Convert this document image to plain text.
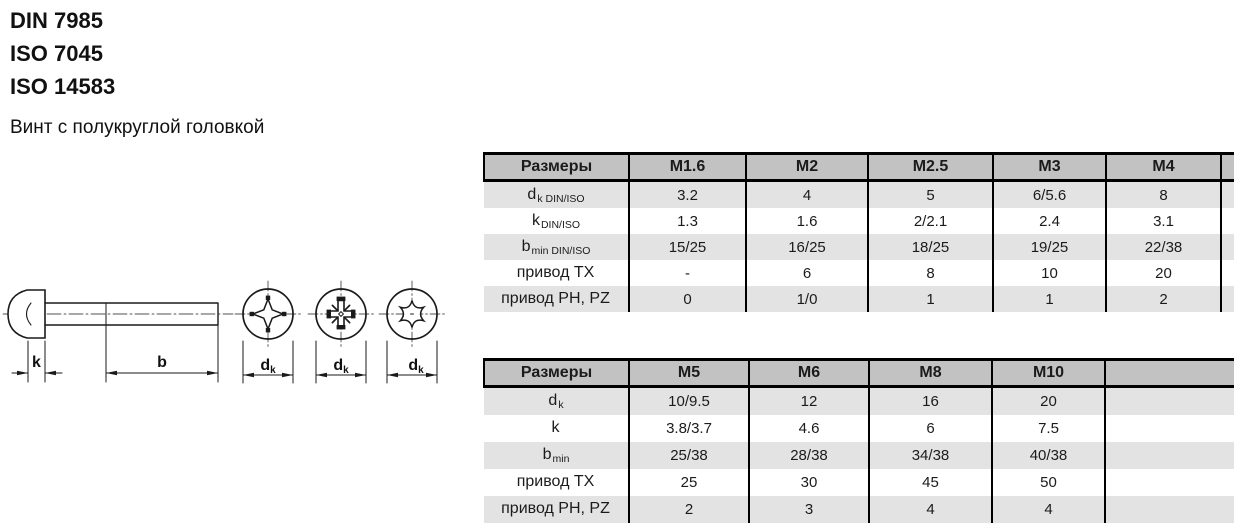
DIN 7985
ISO 7045
ISO 14583
Винт с полукруглой головкой
k	b	dk	dk	dk
Размеры	M1.6	M2	M2.5	M3	M4	
$d_{k DIN/ISO}$	3.2	4	5	6/5.6	8	
$k_{DIN/ISO}$	1.3	1.6	2/2.1	2.4	3.1	
$b_{min DIN/ISO}$	15/25	16/25	18/25	19/25	22/38	
привод TX	-	6	8	10	20	
привод PH, PZ	0	1/0	1	1	2	
Размеры	M5	M6	M8	M10	
$d_k$	10/9.5	12	16	20	
k	3.8/3.7	4.6	6	7.5	
$b_{min}$	25/38	28/38	34/38	40/38	
привод TX	25	30	45	50	
привод PH, PZ	2	3	4	4	
